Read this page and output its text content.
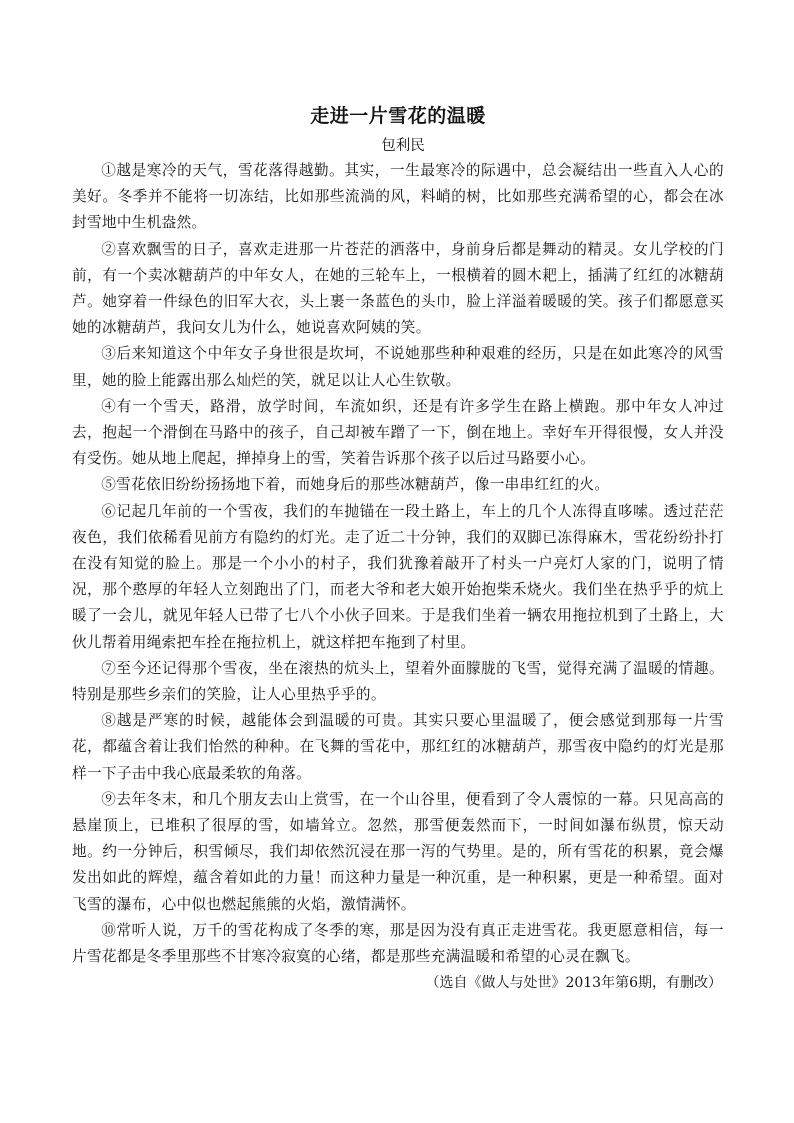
走进一片雪花的温暖

包利民

①越是寒冷的天气，雪花落得越勤。其实，一生最寒冷的际遇中，总会凝结出一些直入人心的美好。冬季并不能将一切冻结，比如那些流淌的风，料峭的树，比如那些充满希望的心，都会在冰封雪地中生机盎然。

②喜欢飘雪的日子，喜欢走进那一片苍茫的洒落中，身前身后都是舞动的精灵。女儿学校的门前，有一个卖冰糖葫芦的中年女人，在她的三轮车上，一根横着的圆木耙上，插满了红红的冰糖葫芦。她穿着一件绿色的旧军大衣，头上裹一条蓝色的头巾，脸上洋溢着暖暖的笑。孩子们都愿意买她的冰糖葫芦，我问女儿为什么，她说喜欢阿姨的笑。

③后来知道这个中年女子身世很是坎坷，不说她那些种种艰难的经历，只是在如此寒冷的风雪里，她的脸上能露出那么灿烂的笑，就足以让人心生钦敬。

④有一个雪天，路滑，放学时间，车流如织，还是有许多学生在路上横跑。那中年女人冲过去，抱起一个滑倒在马路中的孩子，自己却被车蹭了一下，倒在地上。幸好车开得很慢，女人并没有受伤。她从地上爬起，掸掉身上的雪，笑着告诉那个孩子以后过马路要小心。

⑤雪花依旧纷纷扬扬地下着，而她身后的那些冰糖葫芦，像一串串红红的火。

⑥记起几年前的一个雪夜，我们的车抛锚在一段土路上，车上的几个人冻得直哆嗦。透过茫茫夜色，我们依稀看见前方有隐约的灯光。走了近二十分钟，我们的双脚已冻得麻木，雪花纷纷扑打在没有知觉的脸上。那是一个小小的村子，我们犹豫着敲开了村头一户亮灯人家的门，说明了情况，那个憨厚的年轻人立刻跑出了门，而老大爷和老大娘开始抱柴禾烧火。我们坐在热乎乎的炕上暖了一会儿，就见年轻人已带了七八个小伙子回来。于是我们坐着一辆农用拖拉机到了土路上，大伙儿帮着用绳索把车拴在拖拉机上，就这样把车拖到了村里。

⑦至今还记得那个雪夜，坐在滚热的炕头上，望着外面朦胧的飞雪，觉得充满了温暖的情趣。特别是那些乡亲们的笑脸，让人心里热乎乎的。

⑧越是严寒的时候，越能体会到温暖的可贵。其实只要心里温暖了，便会感觉到那每一片雪花，都蕴含着让我们怡然的种种。在飞舞的雪花中，那红红的冰糖葫芦，那雪夜中隐约的灯光是那样一下子击中我心底最柔软的角落。

⑨去年冬末，和几个朋友去山上赏雪，在一个山谷里，便看到了令人震惊的一幕。只见高高的悬崖顶上，已堆积了很厚的雪，如墙耸立。忽然，那雪便轰然而下，一时间如瀑布纵贯，惊天动地。约一分钟后，积雪倾尽，我们却依然沉浸在那一泻的气势里。是的，所有雪花的积累，竟会爆发出如此的辉煌，蕴含着如此的力量！而这种力量是一种沉重，是一种积累，更是一种希望。面对飞雪的瀑布，心中似也燃起熊熊的火焰，激情满怀。

⑩常听人说，万千的雪花构成了冬季的寒，那是因为没有真正走进雪花。我更愿意相信，每一片雪花都是冬季里那些不甘寒冷寂寞的心绪，都是那些充满温暖和希望的心灵在飘飞。

（选自《做人与处世》2013年第6期，有删改）
